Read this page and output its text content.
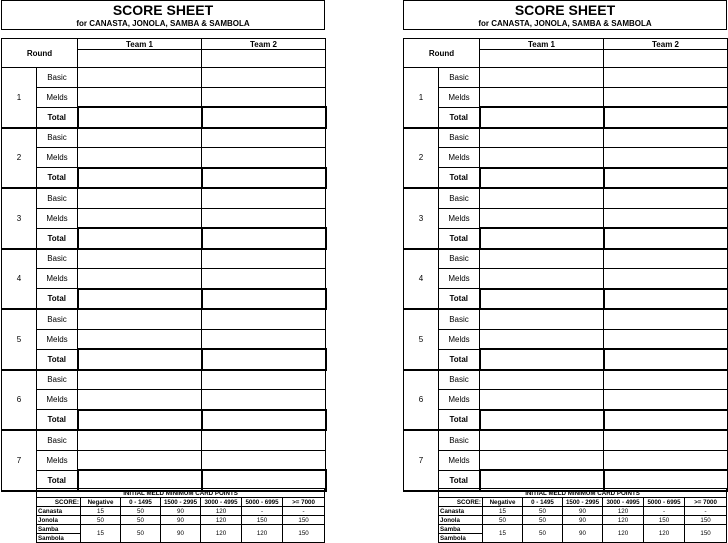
SCORE SHEET
for CANASTA, JONOLA, SAMBA & SAMBOLA
Round		Team 1	Team 2

1	Basic		
	Melds		
	Total		
2	Basic		
	Melds		
	Total		
3	Basic		
	Melds		
	Total		
4	Basic		
	Melds		
	Total		
5	Basic		
	Melds		
	Total		
6	Basic		
	Melds		
	Total		
7	Basic		
	Melds		
	Total		
INITIAL MELD MINIMUM CARD POINTS						
SCORE:	Negative	0 - 1495	1500 - 2995	3000 - 4995	5000 - 6995	>= 7000
Canasta	15	50	90	120	-	-
Jonola	50	50	90	120	150	150
Samba	15	50	90	120	120	150
Sambola						
SCORE SHEET
for CANASTA, JONOLA, SAMBA & SAMBOLA
Round		Team 1	Team 2

1	Basic		
	Melds		
	Total		
2	Basic		
	Melds		
	Total		
3	Basic		
	Melds		
	Total		
4	Basic		
	Melds		
	Total		
5	Basic		
	Melds		
	Total		
6	Basic		
	Melds		
	Total		
7	Basic		
	Melds		
	Total		
INITIAL MELD MINIMUM CARD POINTS						
SCORE:	Negative	0 - 1495	1500 - 2995	3000 - 4995	5000 - 6995	>= 7000
Canasta	15	50	90	120	-	-
Jonola	50	50	90	120	150	150
Samba	15	50	90	120	120	150
Sambola						
